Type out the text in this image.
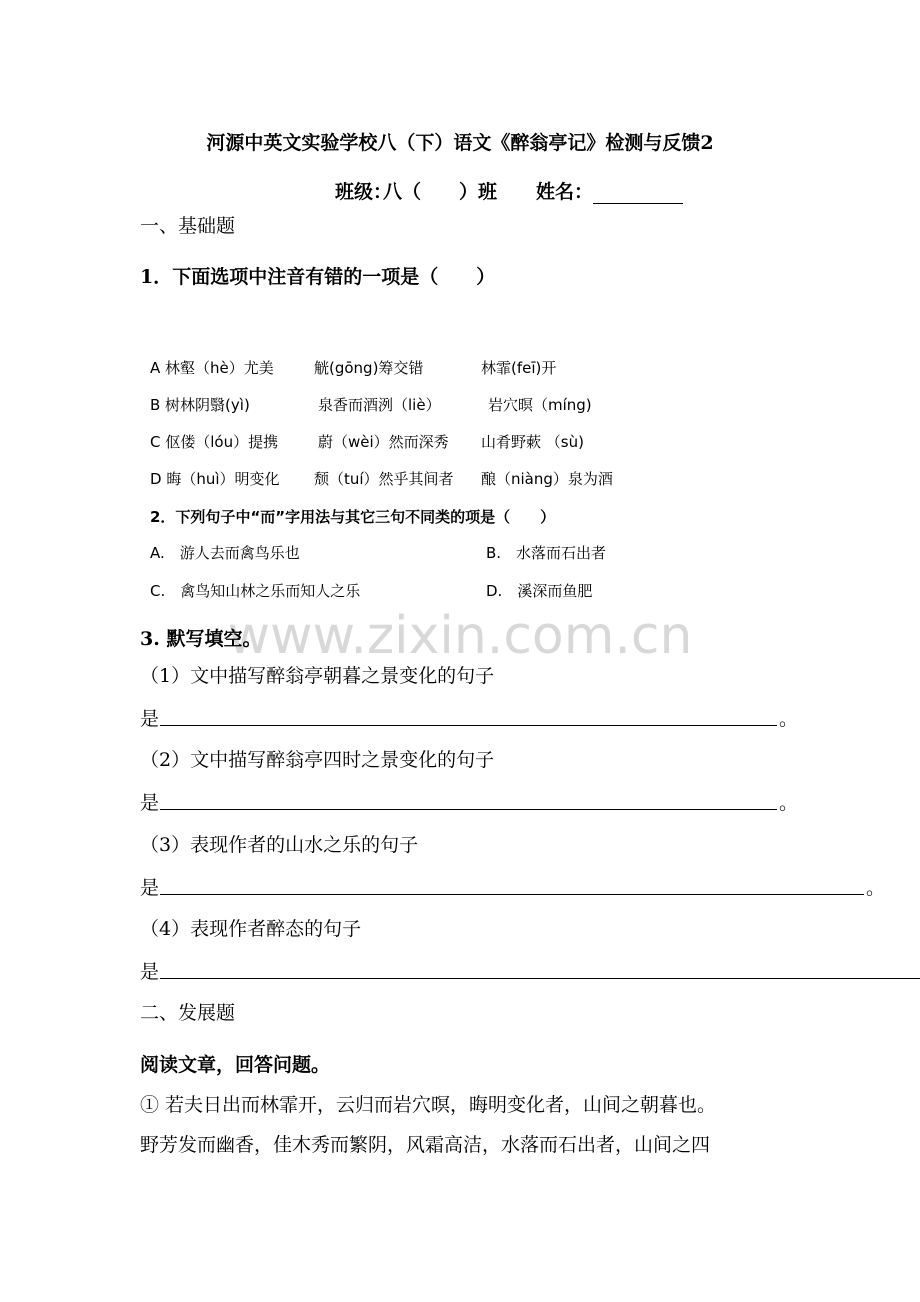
河源中英文实验学校八（下）语文《醉翁亭记》检测与反馈2
班级：
八（　　）班 姓名：
一、基础题
1．下面选项中注音有错的一项是（　　）
A 林壑（hè）尤美	觥(gōng)筹交错	林霏(feī)开
B 树林阴翳(yì)	泉香而酒洌（liè）	岩穴暝（míng)
C 伛偻（lóu）提携	蔚（wèi）然而深秀 山肴野蔌 （sù)
D 晦（huì）明变化 颓（tuí）然乎其间者 酿（niàng）泉为酒
2．下列句子中“而”字用法与其它三句不同类的项是（　　）
A.　游人去而禽鸟乐也	B.　水落而石出者
C.　禽鸟知山林之乐而知人之乐	D.　溪深而鱼肥
www.zixin.com.cn
3. 默写填空。
（1）文中描写醉翁亭朝暮之景变化的句子
是	。
（2）文中描写醉翁亭四时之景变化的句子
是	。
（3）表现作者的山水之乐的句子
是	。
（4）表现作者醉态的句子
是
二、发展题
阅读文章，回答问题。
① 若夫日出而林霏开，云归而岩穴暝，晦明变化者，山间之朝暮也。
野芳发而幽香，佳木秀而繁阴，风霜高洁，水落而石出者，山间之四
